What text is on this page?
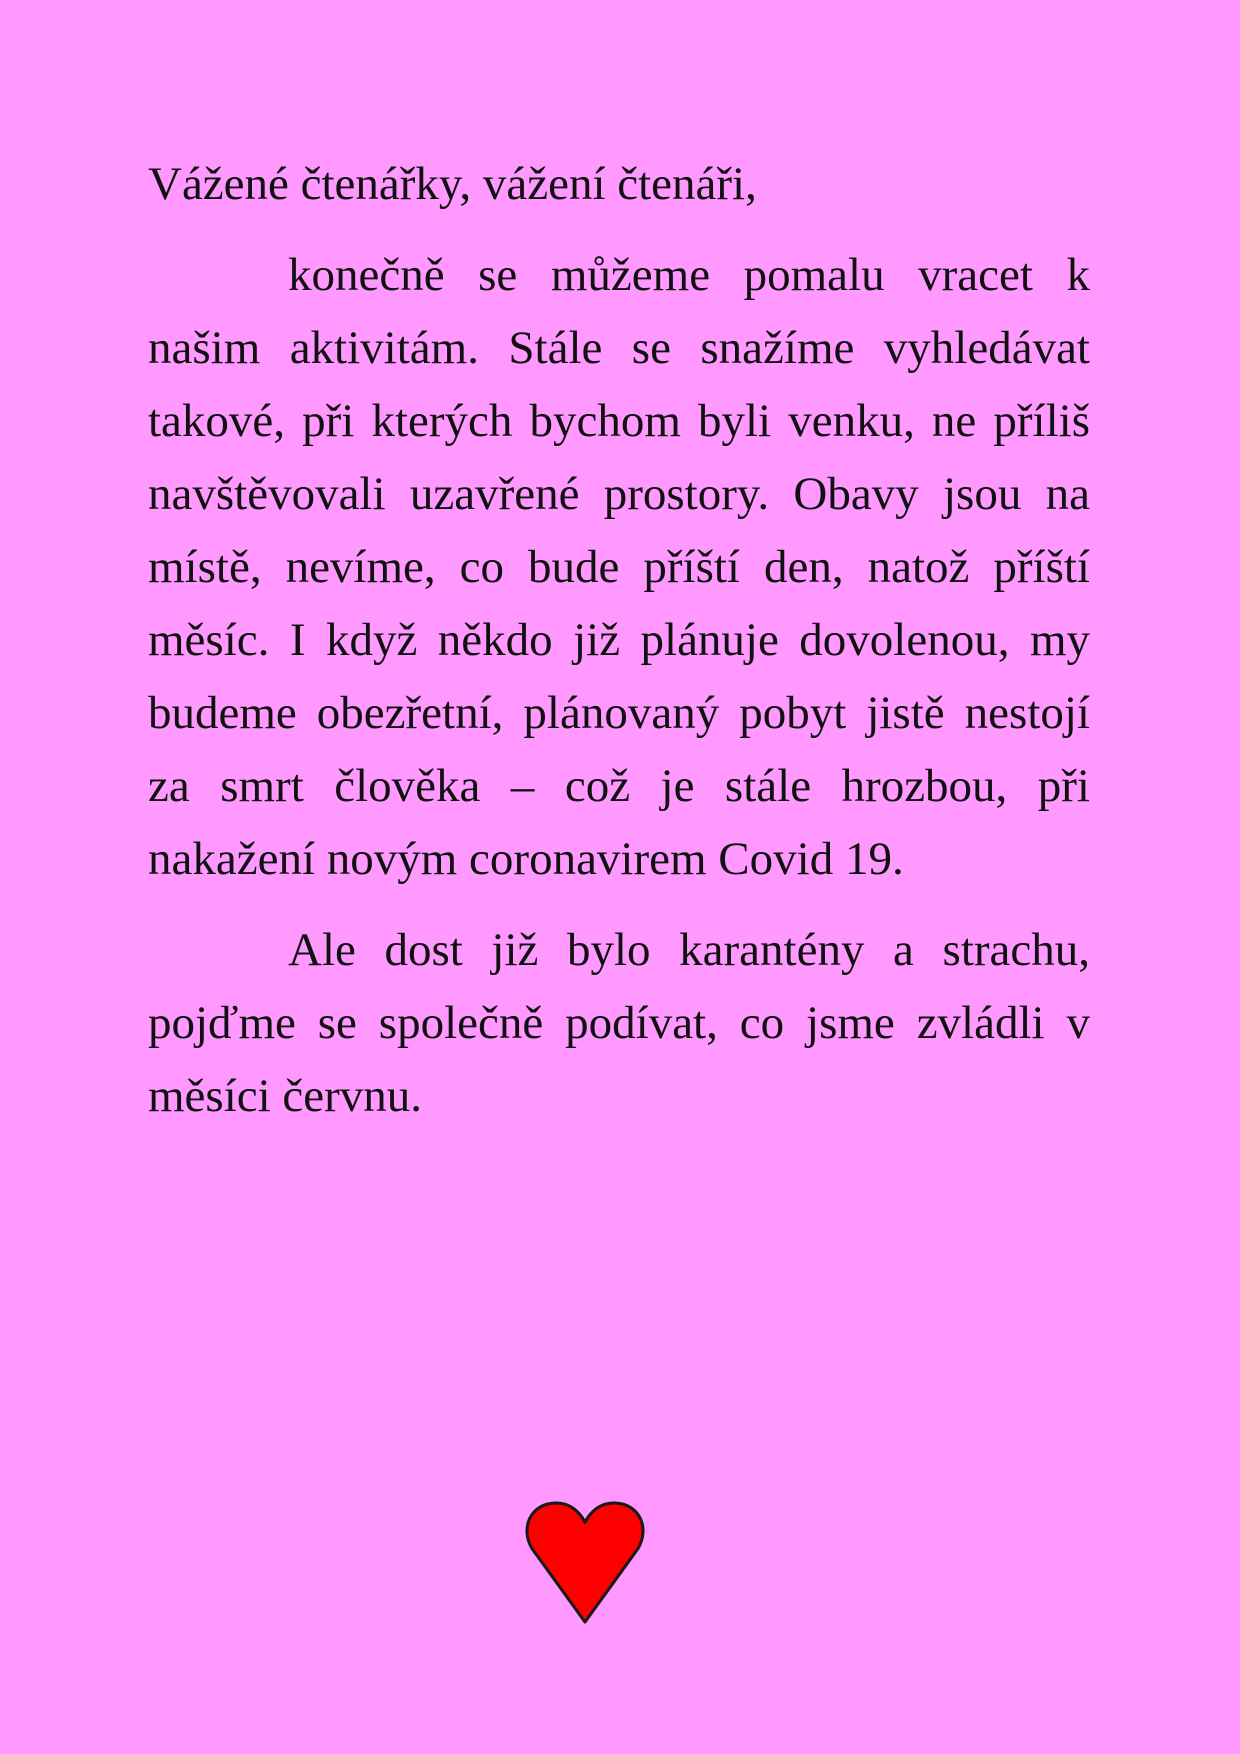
Vážené čtenářky, vážení čtenáři,

konečně se můžeme pomalu vracet k našim aktivitám. Stále se snažíme vyhledávat takové, při kterých bychom byli venku, ne příliš navštěvovali uzavřené prostory. Obavy jsou na místě, nevíme, co bude příští den, natož příští měsíc. I když někdo již plánuje dovolenou, my budeme obezřetní, plánovaný pobyt jistě nestojí za smrt člověka – což je stále hrozbou, při nakažení novým coronavirem Covid 19.

Ale dost již bylo karantény a strachu, pojďme se společně podívat, co jsme zvládli v měsíci červnu.
